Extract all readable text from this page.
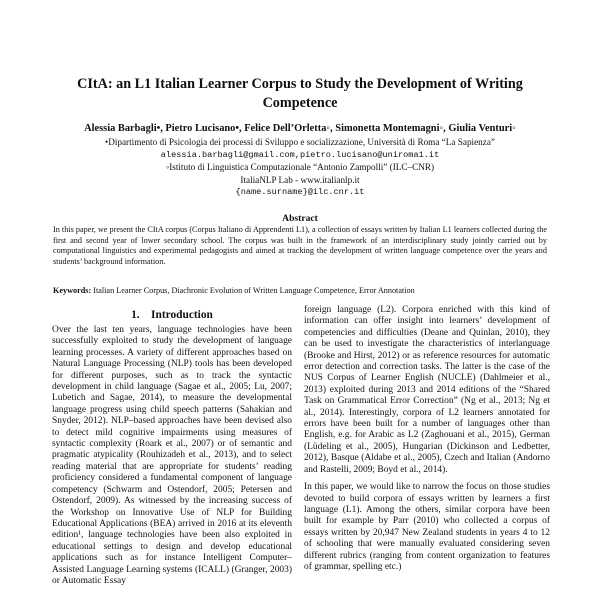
CItA: an L1 Italian Learner Corpus to Study the Development of Writing
Competence
Alessia Barbagli•, Pietro Lucisano•, Felice Dell’Orletta◦, Simonetta Montemagni◦, Giulia Venturi◦
•Dipartimento di Psicologia dei processi di Sviluppo e socializzazione, Università di Roma “La Sapienza”
alessia.barbagli@gmail.com,pietro.lucisano@uniroma1.it
◦Istituto di Linguistica Computazionale “Antonio Zampolli” (ILC–CNR)
ItaliaNLP Lab - www.italianlp.it
{name.surname}@ilc.cnr.it
Abstract
In this paper, we present the CItA corpus (Corpus Italiano di Apprendenti L1), a collection of essays written by Italian L1 learners collected during the first and second year of lower secondary school. The corpus was built in the framework of an interdisciplinary study jointly carried out by computational linguistics and experimental pedagogists and aimed at tracking the development of written language competence over the years and students’ background information.
Keywords: Italian Learner Corpus, Diachronic Evolution of Written Language Competence, Error Annotation
1. Introduction

Over the last ten years, language technologies have been successfully exploited to study the development of language learning processes. A variety of different approaches based on Natural Language Processing (NLP) tools has been developed for different purposes, such as to track the syntactic development in child language (Sagae et al., 2005; Lu, 2007; Lubetich and Sagae, 2014), to measure the developmental language progress using child speech patterns (Sahakian and Snyder, 2012). NLP–based approaches have been devised also to detect mild cognitive impairments using measures of syntactic complexity (Roark et al., 2007) or of semantic and pragmatic atypicality (Rouhizadeh et al., 2013), and to select reading material that are appropriate for students’ reading proficiency considered a fundamental component of language competency (Schwarm and Ostendorf, 2005; Petersen and Ostendorf, 2009). As witnessed by the increasing success of the Workshop on Innovative Use of NLP for Building Educational Applications (BEA) arrived in 2016 at its eleventh edition¹, language technologies have been also exploited in educational settings to design and develop educational applications such as for instance Intelligent Computer–Assisted Language Learning systems (ICALL) (Granger, 2003) or Automatic Essay

foreign language (L2). Corpora enriched with this kind of information can offer insight into learners’ development of competencies and difficulties (Deane and Quinlan, 2010), they can be used to investigate the characteristics of interlanguage (Brooke and Hirst, 2012) or as reference resources for automatic error detection and correction tasks. The latter is the case of the NUS Corpus of Learner English (NUCLE) (Dahlmeier et al., 2013) exploited during 2013 and 2014 editions of the “Shared Task on Grammatical Error Correction” (Ng et al., 2013; Ng et al., 2014). Interestingly, corpora of L2 learners annotated for errors have been built for a number of languages other than English, e.g. for Arabic as L2 (Zaghouani et al., 2015), German (Lüdeling et al., 2005), Hungarian (Dickinson and Ledbetter, 2012), Basque (Aldabe et al., 2005), Czech and Italian (Andorno and Rastelli, 2009; Boyd et al., 2014).

In this paper, we would like to narrow the focus on those studies devoted to build corpora of essays written by learners a first language (L1). Among the others, similar corpora have been built for example by Parr (2010) who collected a corpus of essays written by 20,947 New Zealand students in years 4 to 12 of schooling that were manually evaluated considering seven different rubrics (ranging from content organization to features of grammar, spelling etc.)
